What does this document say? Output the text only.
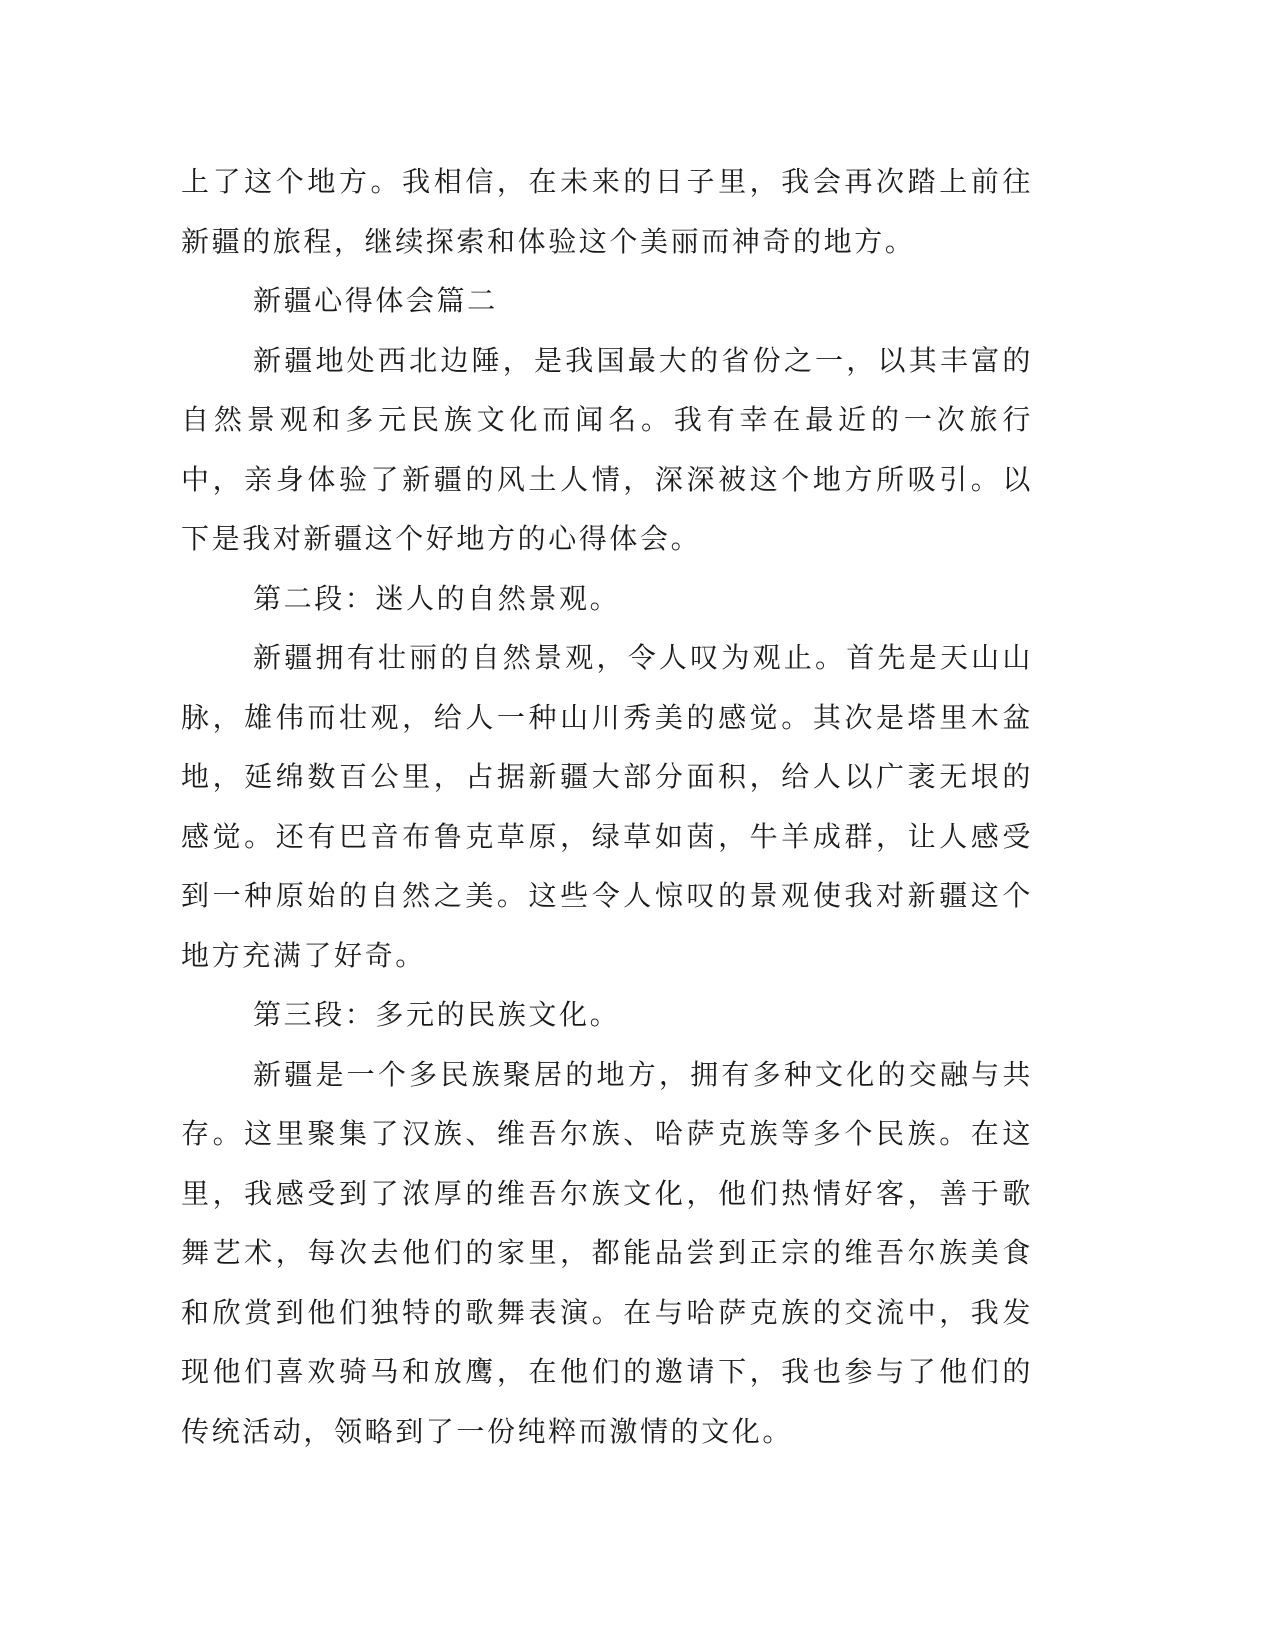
上了这个地方。我相信，在未来的日子里，我会再次踏上前往新疆的旅程，继续探索和体验这个美丽而神奇的地方。

新疆心得体会篇二

新疆地处西北边陲，是我国最大的省份之一，以其丰富的自然景观和多元民族文化而闻名。我有幸在最近的一次旅行中，亲身体验了新疆的风土人情，深深被这个地方所吸引。以下是我对新疆这个好地方的心得体会。

第二段：迷人的自然景观。

新疆拥有壮丽的自然景观，令人叹为观止。首先是天山山脉，雄伟而壮观，给人一种山川秀美的感觉。其次是塔里木盆地，延绵数百公里，占据新疆大部分面积，给人以广袤无垠的感觉。还有巴音布鲁克草原，绿草如茵，牛羊成群，让人感受到一种原始的自然之美。这些令人惊叹的景观使我对新疆这个地方充满了好奇。

第三段：多元的民族文化。

新疆是一个多民族聚居的地方，拥有多种文化的交融与共存。这里聚集了汉族、维吾尔族、哈萨克族等多个民族。在这里，我感受到了浓厚的维吾尔族文化，他们热情好客，善于歌舞艺术，每次去他们的家里，都能品尝到正宗的维吾尔族美食和欣赏到他们独特的歌舞表演。在与哈萨克族的交流中，我发现他们喜欢骑马和放鹰，在他们的邀请下，我也参与了他们的传统活动，领略到了一份纯粹而激情的文化。
